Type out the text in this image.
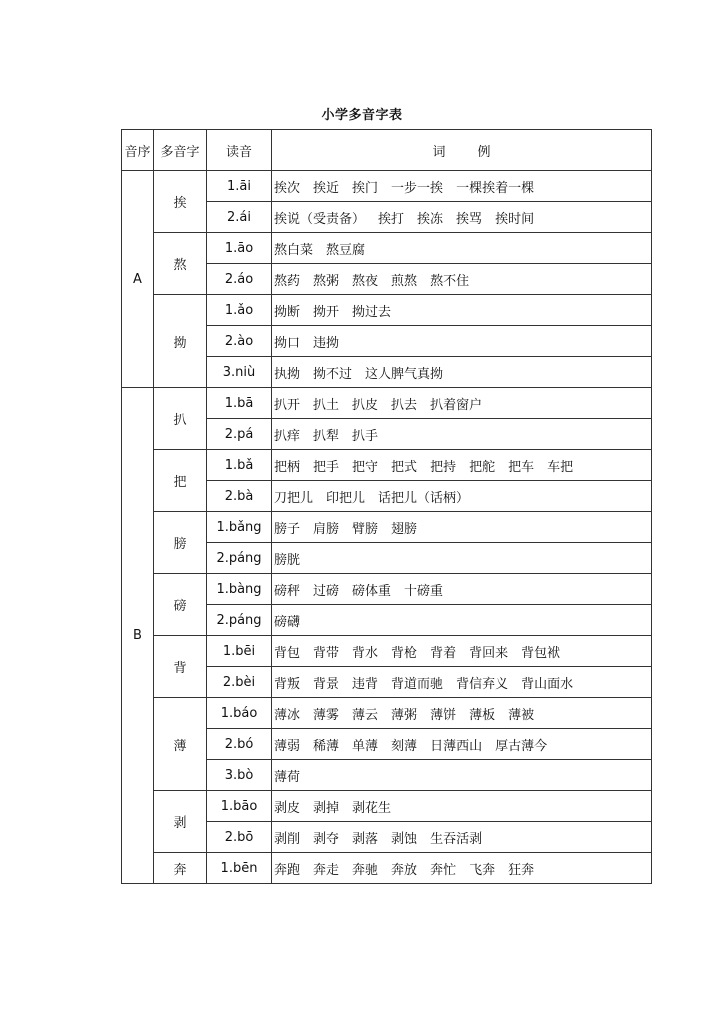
小学多音字表
音序	多音字	读音	词　　例
A	挨	1.āi	挨次 挨近 挨门 一步一挨 一棵挨着一棵
		2.ái	挨说（受责备） 挨打 挨冻 挨骂 挨时间
	熬	1.āo	熬白菜 熬豆腐
		2.áo	熬药 熬粥 熬夜 煎熬 熬不住
	拗	1.ǎo	拗断 拗开 拗过去
		2.ào	拗口 违拗
		3.niù	执拗 拗不过 这人脾气真拗
B	扒	1.bā	扒开 扒土 扒皮 扒去 扒着窗户
		2.pá	扒痒 扒犁 扒手
	把	1.bǎ	把柄 把手 把守 把式 把持 把舵 把车 车把
		2.bà	刀把儿 印把儿 话把儿（话柄）
	膀	1.bǎng	膀子 肩膀 臂膀 翅膀
		2.páng	膀胱
	磅	1.bàng	磅秤 过磅 磅体重 十磅重
		2.páng	磅礴
	背	1.bēi	背包 背带 背水 背枪 背着 背回来 背包袱
		2.bèi	背叛 背景 违背 背道而驰 背信弃义 背山面水
	薄	1.báo	薄冰 薄雾 薄云 薄粥 薄饼 薄板 薄被
		2.bó	薄弱 稀薄 单薄 刻薄 日薄西山 厚古薄今
		3.bò	薄荷
	剥	1.bāo	剥皮 剥掉 剥花生
		2.bō	剥削 剥夺 剥落 剥蚀 生吞活剥
	奔	1.bēn	奔跑 奔走 奔驰 奔放 奔忙 飞奔 狂奔
